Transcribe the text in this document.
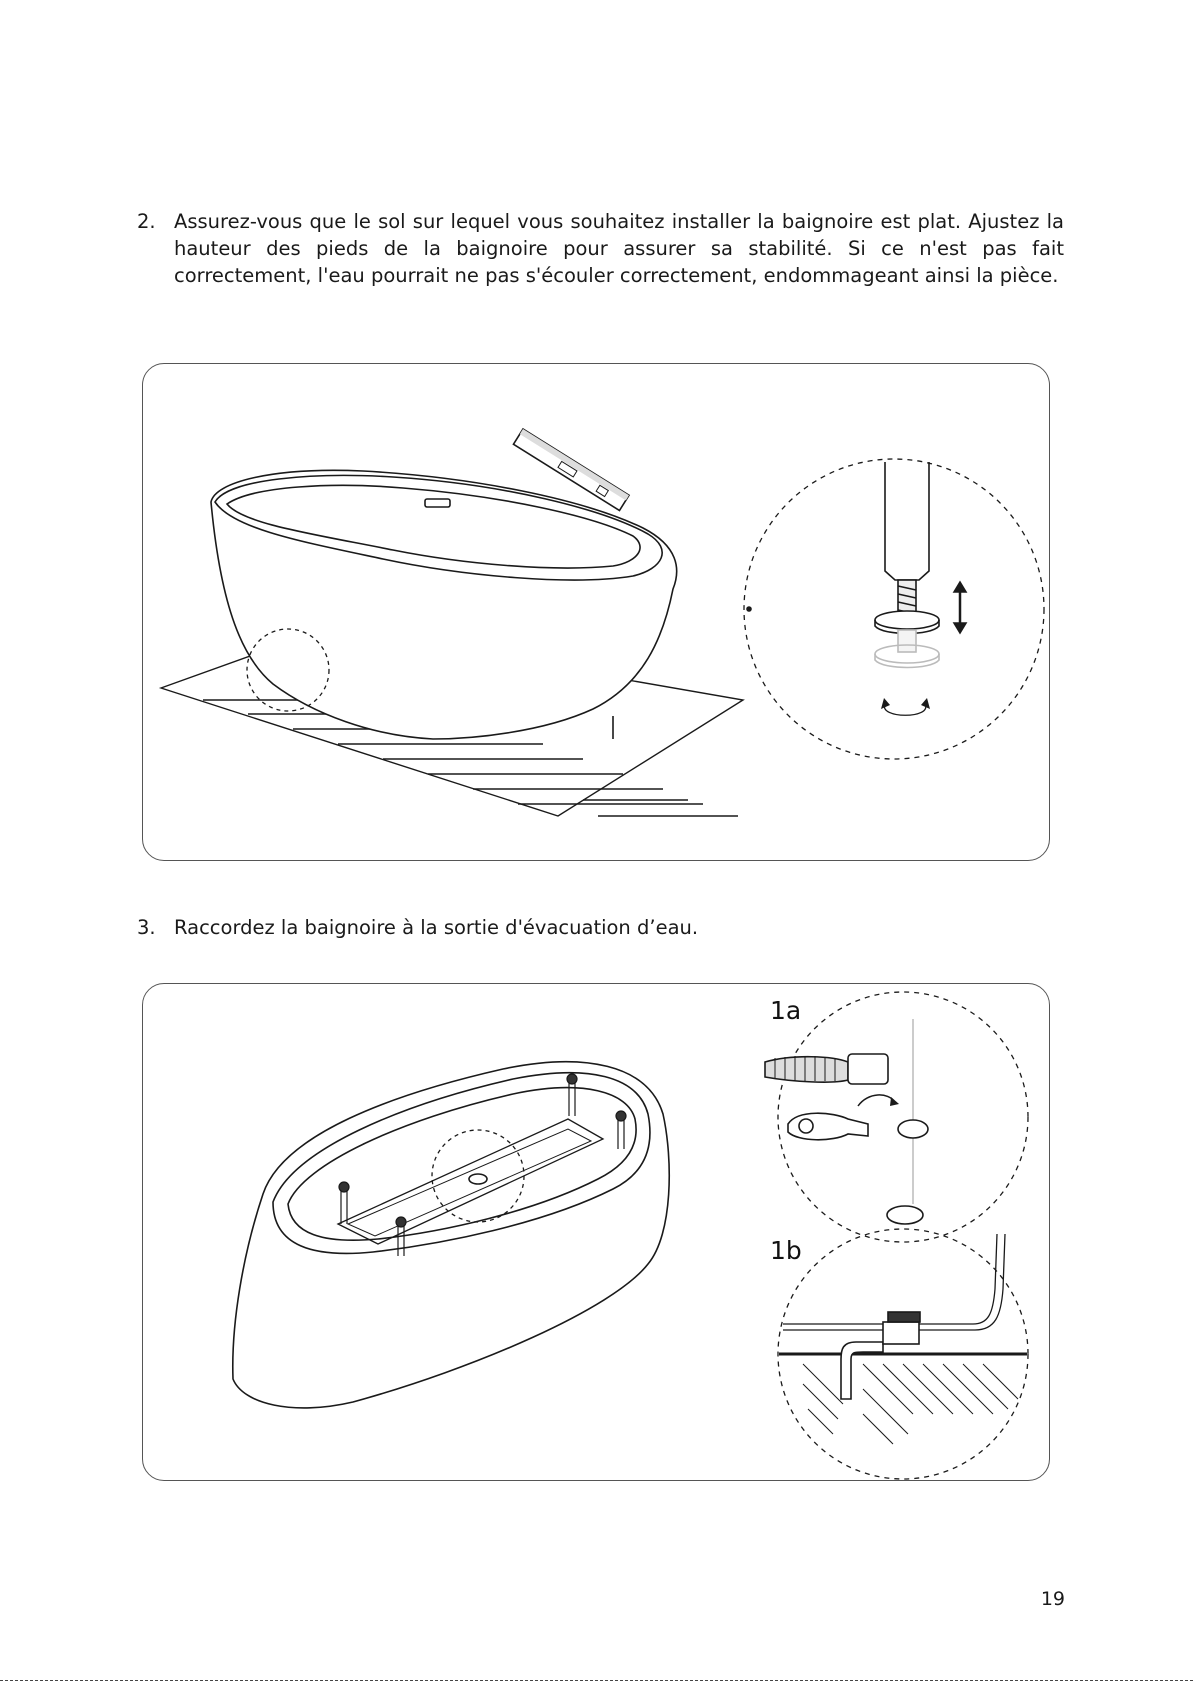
2. Assurez-vous que le sol sur lequel vous souhaitez installer la baignoire est plat. Ajustez la hauteur des pieds de la baignoire pour assurer sa stabilité. Si ce n'est pas fait correctement, l'eau pourrait ne pas s'écouler correctement, endommageant ainsi la pièce.
3. Raccordez la baignoire à la sortie d'évacuation d’eau.
1a
1b
19
